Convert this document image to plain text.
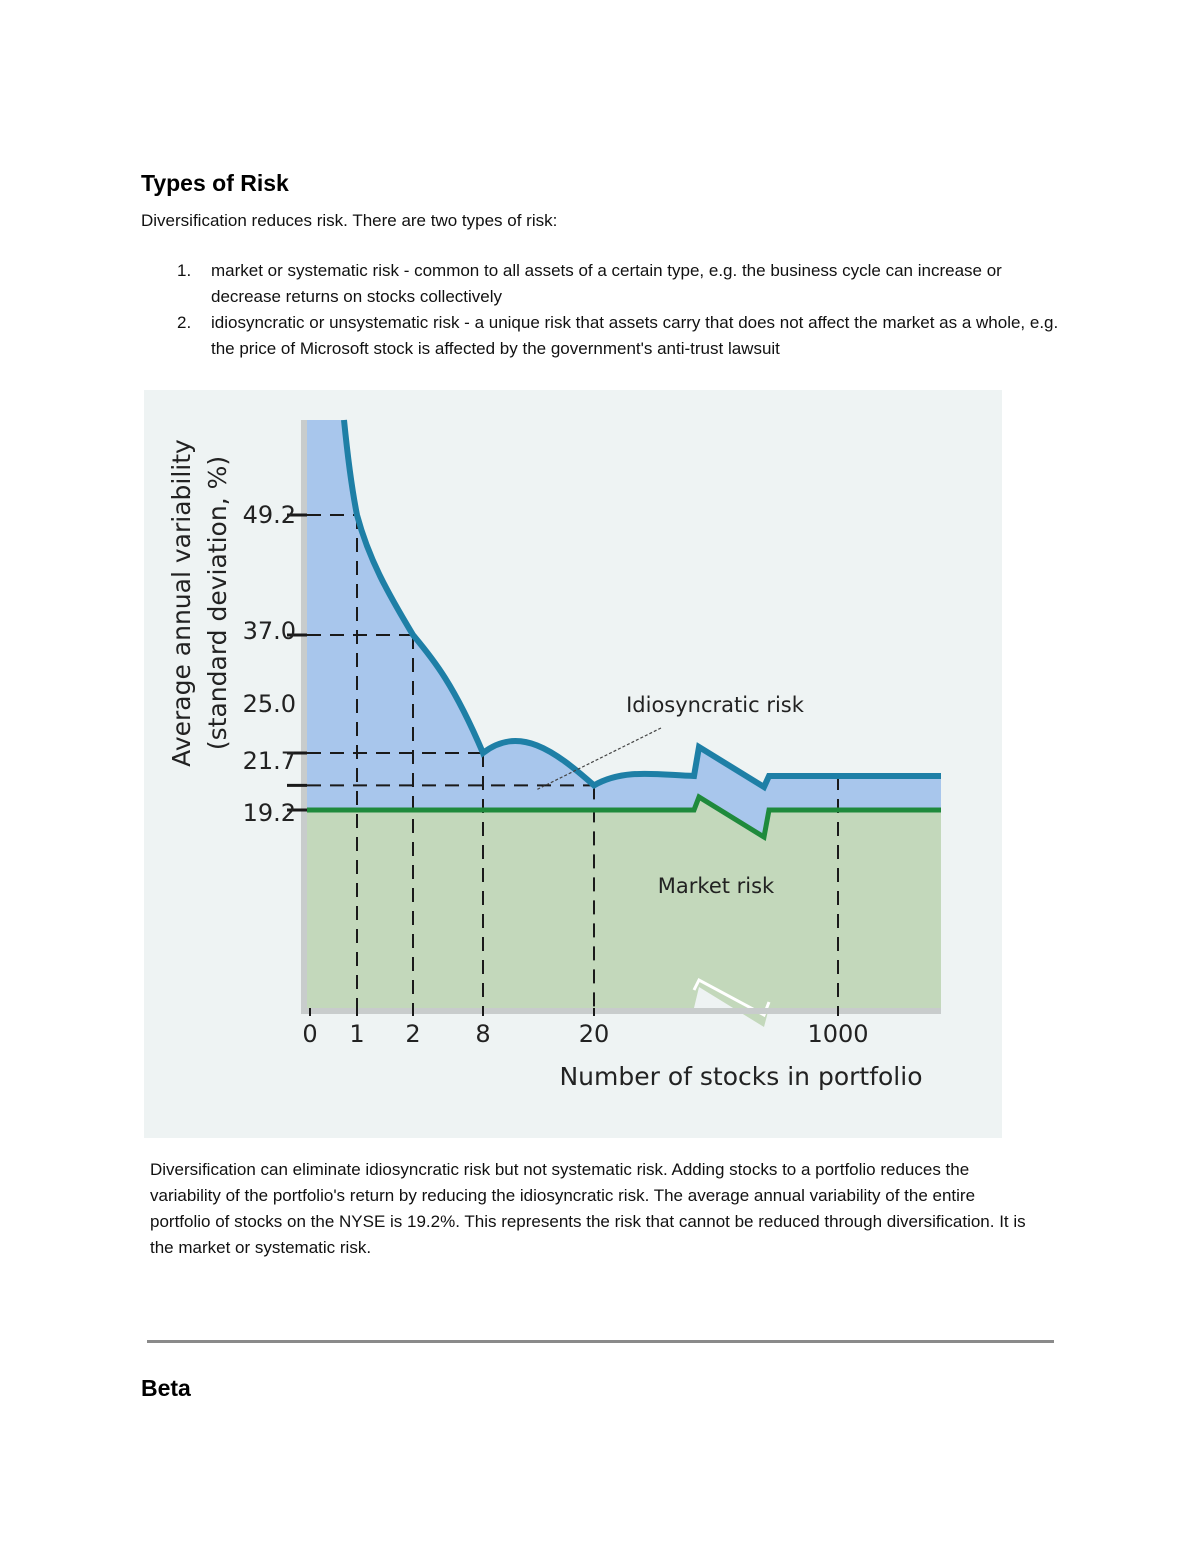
Types of Risk

Diversification reduces risk. There are two types of risk:

1. market or systematic risk - common to all assets of a certain type, e.g. the business cycle can increase or decrease returns on stocks collectively
2. idiosyncratic or unsystematic risk - a unique risk that assets carry that does not affect the market as a whole, e.g. the price of Microsoft stock is affected by the government's anti-trust lawsuit
49.2
37.0
25.0
21.7
19.2
0 1 2 8	20	1000
Number of stocks in portfolio
Average annual variability (standard deviation, %)	Idiosyncratic risk
Market risk

Diversification can eliminate idiosyncratic risk but not systematic risk. Adding stocks to a portfolio reduces the variability of the portfolio's return by reducing the idiosyncratic risk. The average annual variability of the entire portfolio of stocks on the NYSE is 19.2%. This represents the risk that cannot be reduced through diversification. It is the market or systematic risk.

Beta
